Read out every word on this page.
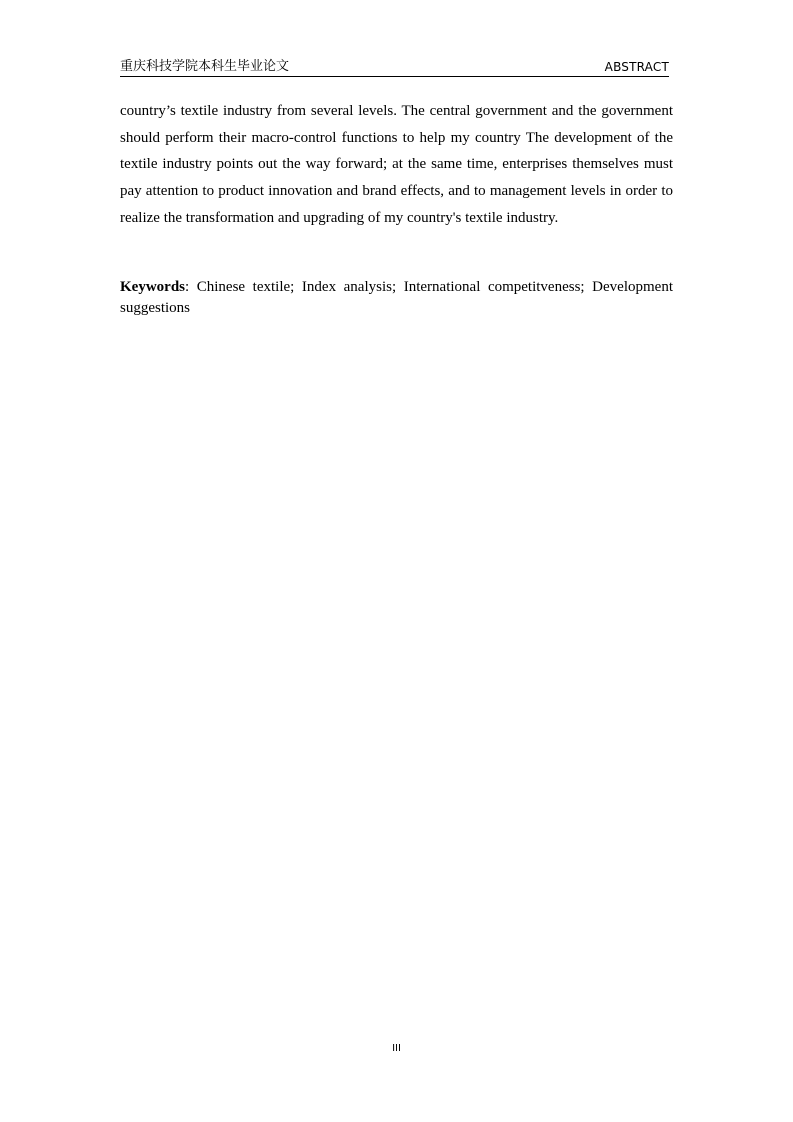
重庆科技学院本科生毕业论文	ABSTRACT

country’s textile industry from several levels. The central government and the government should perform their macro-control functions to help my country The development of the textile industry points out the way forward; at the same time, enterprises themselves must pay attention to product innovation and brand effects, and to management levels in order to realize the transformation and upgrading of my country's textile industry.

Keywords: Chinese textile; Index analysis; International competitveness; Development suggestions

III
